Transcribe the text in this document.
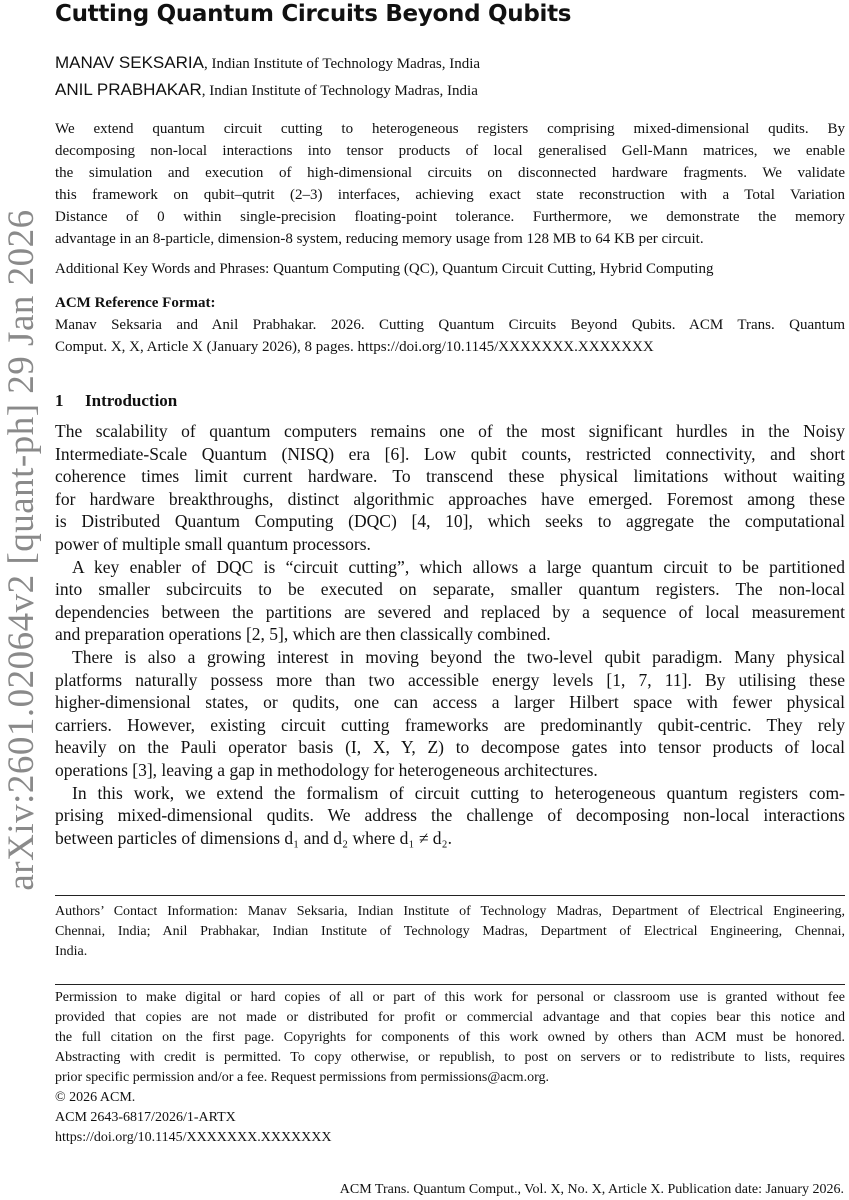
arXiv:2601.02064v2 [quant-ph] 29 Jan 2026
Cutting Quantum Circuits Beyond Qubits
MANAV SEKSARIA, Indian Institute of Technology Madras, India
ANIL PRABHAKAR, Indian Institute of Technology Madras, India
We extend quantum circuit cutting to heterogeneous registers comprising mixed-dimensional qudits. By
decomposing non-local interactions into tensor products of local generalised Gell-Mann matrices, we enable
the simulation and execution of high-dimensional circuits on disconnected hardware fragments. We validate
this framework on qubit–qutrit (2–3) interfaces, achieving exact state reconstruction with a Total Variation
Distance of 0 within single-precision floating-point tolerance. Furthermore, we demonstrate the memory
advantage in an 8-particle, dimension-8 system, reducing memory usage from 128 MB to 64 KB per circuit.
Additional Key Words and Phrases: Quantum Computing (QC), Quantum Circuit Cutting, Hybrid Computing
ACM Reference Format:
Manav Seksaria and Anil Prabhakar. 2026. Cutting Quantum Circuits Beyond Qubits. ACM Trans. Quantum
Comput. X, X, Article X (January 2026), 8 pages. https://doi.org/10.1145/XXXXXXX.XXXXXXX
1 Introduction
The scalability of quantum computers remains one of the most significant hurdles in the Noisy
Intermediate-Scale Quantum (NISQ) era [6]. Low qubit counts, restricted connectivity, and short
coherence times limit current hardware. To transcend these physical limitations without waiting
for hardware breakthroughs, distinct algorithmic approaches have emerged. Foremost among these
is Distributed Quantum Computing (DQC) [4, 10], which seeks to aggregate the computational
power of multiple small quantum processors.
A key enabler of DQC is “circuit cutting”, which allows a large quantum circuit to be partitioned
into smaller subcircuits to be executed on separate, smaller quantum registers. The non-local
dependencies between the partitions are severed and replaced by a sequence of local measurement
and preparation operations [2, 5], which are then classically combined.
There is also a growing interest in moving beyond the two-level qubit paradigm. Many physical
platforms naturally possess more than two accessible energy levels [1, 7, 11]. By utilising these
higher-dimensional states, or qudits, one can access a larger Hilbert space with fewer physical
carriers. However, existing circuit cutting frameworks are predominantly qubit-centric. They rely
heavily on the Pauli operator basis (I, X, Y, Z) to decompose gates into tensor products of local
operations [3], leaving a gap in methodology for heterogeneous architectures.
In this work, we extend the formalism of circuit cutting to heterogeneous quantum registers com-
prising mixed-dimensional qudits. We address the challenge of decomposing non-local interactions
between particles of dimensions d₁ and d₂ where d₁ ≠ d₂.
Authors’ Contact Information: Manav Seksaria, Indian Institute of Technology Madras, Department of Electrical Engineering,
Chennai, India; Anil Prabhakar, Indian Institute of Technology Madras, Department of Electrical Engineering, Chennai,
India.
Permission to make digital or hard copies of all or part of this work for personal or classroom use is granted without fee
provided that copies are not made or distributed for profit or commercial advantage and that copies bear this notice and
the full citation on the first page. Copyrights for components of this work owned by others than ACM must be honored.
Abstracting with credit is permitted. To copy otherwise, or republish, to post on servers or to redistribute to lists, requires
prior specific permission and/or a fee. Request permissions from permissions@acm.org.
© 2026 ACM.
ACM 2643-6817/2026/1-ARTX
https://doi.org/10.1145/XXXXXXX.XXXXXXX
ACM Trans. Quantum Comput., Vol. X, No. X, Article X. Publication date: January 2026.
